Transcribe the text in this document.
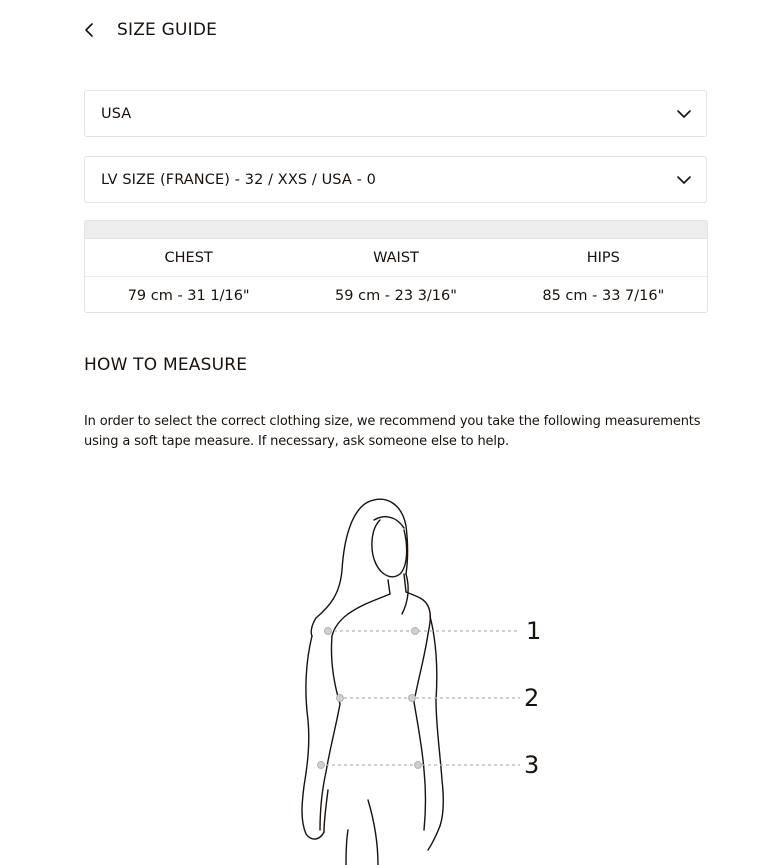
SIZE GUIDE
USA
LV SIZE (FRANCE) - 32 / XXS / USA - 0
CHEST	WAIST	HIPS
79 cm - 31 1/16"	59 cm - 23 3/16"	85 cm - 33 7/16"
HOW TO MEASURE
In order to select the correct clothing size, we recommend you take the following measurements using a soft tape measure. If necessary, ask someone else to help.
1
2
3
